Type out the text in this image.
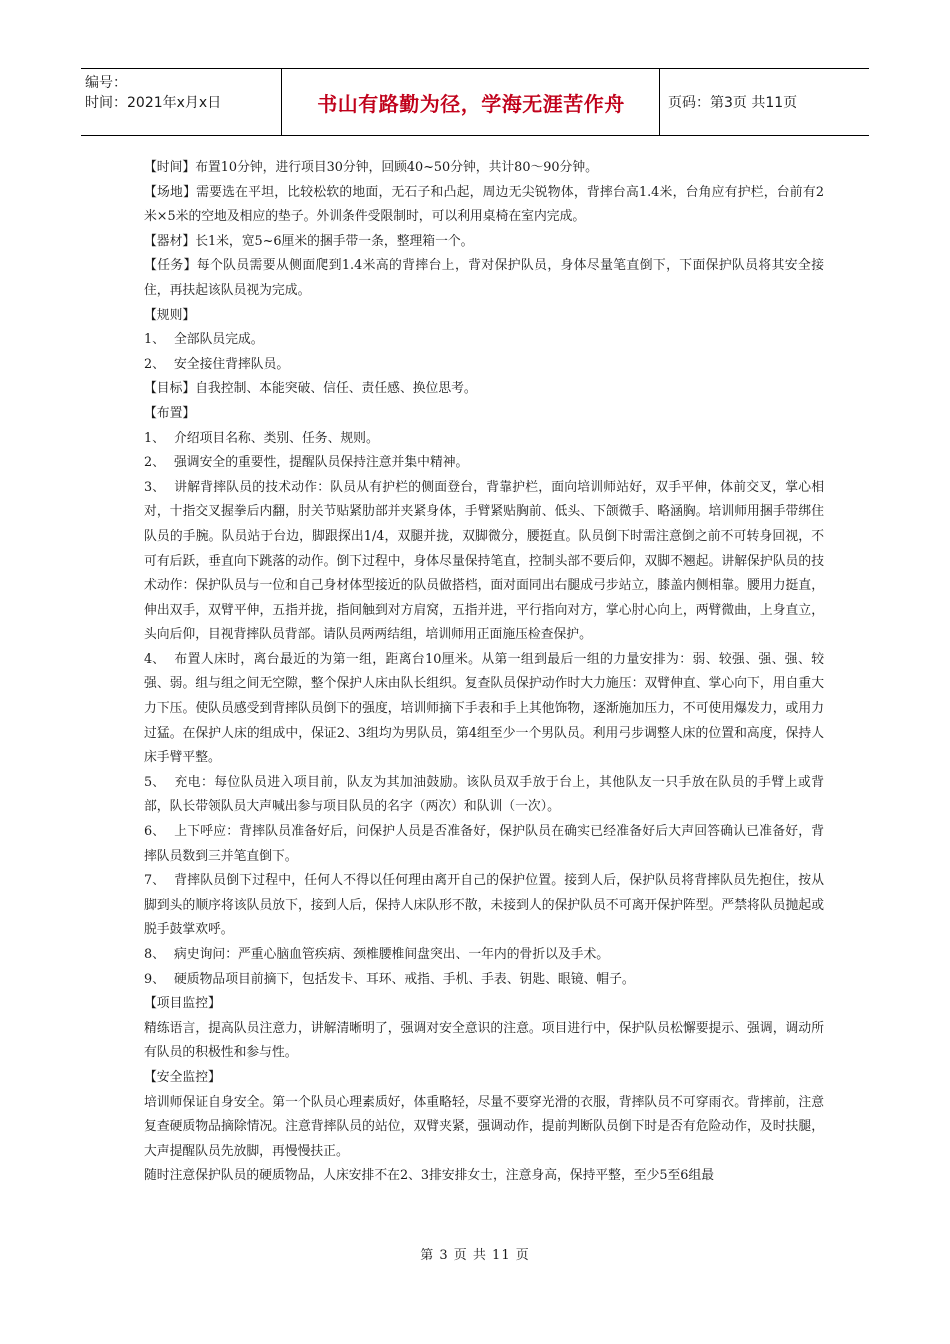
编号：
时间：2021年x月x日	书山有路勤为径，学海无涯苦作舟	页码：第3页 共11页

【时间】布置10分钟，进行项目30分钟，回顾40~50分钟，共计80～90分钟。

【场地】需要选在平坦，比较松软的地面，无石子和凸起，周边无尖锐物体，背摔台高1.4米，台角应有护栏，台前有2米×5米的空地及相应的垫子。外训条件受限制时，可以利用桌椅在室内完成。

【器材】长1米，宽5~6厘米的捆手带一条，整理箱一个。

【任务】每个队员需要从侧面爬到1.4米高的背摔台上，背对保护队员，身体尽量笔直倒下，下面保护队员将其安全接住，再扶起该队员视为完成。

【规则】

1、 全部队员完成。

2、 安全接住背摔队员。

【目标】自我控制、本能突破、信任、责任感、换位思考。

【布置】

1、 介绍项目名称、类别、任务、规则。

2、 强调安全的重要性，提醒队员保持注意并集中精神。

3、 讲解背摔队员的技术动作：队员从有护栏的侧面登台，背靠护栏，面向培训师站好，双手平伸，体前交叉，掌心相对，十指交叉握拳后内翻，肘关节贴紧肋部并夹紧身体，手臂紧贴胸前、低头、下颌微手、略涵胸。培训师用捆手带绑住队员的手腕。队员站于台边，脚跟探出1/4，双腿并拢，双脚微分，腰挺直。队员倒下时需注意倒之前不可转身回视，不可有后跃，垂直向下跳落的动作。倒下过程中，身体尽量保持笔直，控制头部不要后仰，双脚不翘起。讲解保护队员的技术动作：保护队员与一位和自己身材体型接近的队员做搭档，面对面同出右腿成弓步站立，膝盖内侧相靠。腰用力挺直，伸出双手，双臂平伸，五指并拢，指间触到对方肩窝，五指并进，平行指向对方，掌心肘心向上，两臂微曲，上身直立，头向后仰，目视背摔队员背部。请队员两两结组，培训师用正面施压检查保护。

4、 布置人床时，离台最近的为第一组，距离台10厘米。从第一组到最后一组的力量安排为：弱、较强、强、强、较强、弱。组与组之间无空隙，整个保护人床由队长组织。复查队员保护动作时大力施压：双臂伸直、掌心向下，用自重大力下压。使队员感受到背摔队员倒下的强度，培训师摘下手表和手上其他饰物，逐渐施加压力，不可使用爆发力，或用力过猛。在保护人床的组成中，保证2、3组均为男队员，第4组至少一个男队员。利用弓步调整人床的位置和高度，保持人床手臂平整。

5、 充电：每位队员进入项目前，队友为其加油鼓励。该队员双手放于台上，其他队友一只手放在队员的手臂上或背部，队长带领队员大声喊出参与项目队员的名字（两次）和队训（一次）。

6、 上下呼应：背摔队员准备好后，问保护人员是否准备好，保护队员在确实已经准备好后大声回答确认已准备好，背摔队员数到三并笔直倒下。

7、 背摔队员倒下过程中，任何人不得以任何理由离开自己的保护位置。接到人后，保护队员将背摔队员先抱住，按从脚到头的顺序将该队员放下，接到人后，保持人床队形不散，未接到人的保护队员不可离开保护阵型。严禁将队员抛起或脱手鼓掌欢呼。

8、 病史询问：严重心脑血管疾病、颈椎腰椎间盘突出、一年内的骨折以及手术。

9、 硬质物品项目前摘下，包括发卡、耳环、戒指、手机、手表、钥匙、眼镜、帽子。

【项目监控】

精练语言，提高队员注意力，讲解清晰明了，强调对安全意识的注意。项目进行中，保护队员松懈要提示、强调，调动所有队员的积极性和参与性。

【安全监控】

培训师保证自身安全。第一个队员心理素质好，体重略轻，尽量不要穿光滑的衣服，背摔队员不可穿雨衣。背摔前，注意复查硬质物品摘除情况。注意背摔队员的站位，双臂夹紧，强调动作，提前判断队员倒下时是否有危险动作，及时扶腿，大声提醒队员先放脚，再慢慢扶正。

随时注意保护队员的硬质物品，人床安排不在2、3排安排女士，注意身高，保持平整，至少5至6组最

第 3 页 共 11 页
